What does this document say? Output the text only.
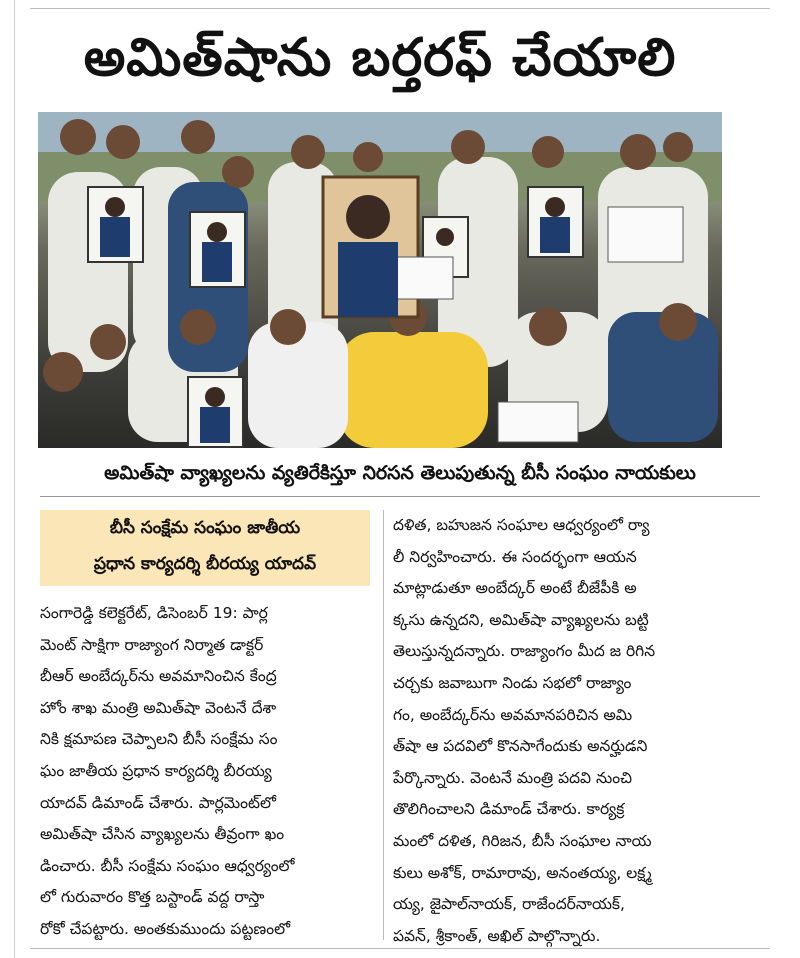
అమిత్‌షాను బర్తరఫ్ చేయాలి
అమిత్‌షా వ్యాఖ్యలను వ్యతిరేకిస్తూ నిరసన తెలుపుతున్న బీసీ సంఘం నాయకులు
బీసీ సంక్షేమ సంఘం జాతీయ
ప్రధాన కార్యదర్శి బీరయ్య యాదవ్
సంగారెడ్డి కలెక్టరేట్, డిసెంబర్ 19: పార్ల
మెంట్ సాక్షిగా రాజ్యాంగ నిర్మాత డాక్టర్
బీఆర్ అంబేద్కర్‌ను అవమానించిన కేంద్ర
హోం శాఖ మంత్రి అమిత్‌షా వెంటనే దేశా
నికి క్షమాపణ చెప్పాలని బీసీ సంక్షేమ సం
ఘం జాతీయ ప్రధాన కార్యదర్శి బీరయ్య
యాదవ్ డిమాండ్ చేశారు. పార్లమెంట్‌లో
అమిత్‌షా చేసిన వ్యాఖ్యలను తీవ్రంగా ఖం
డించారు. బీసీ సంక్షేమ సంఘం ఆధ్వర్యంలో
లో గురువారం కొత్త బస్టాండ్ వద్ద రాస్తా
రోకో చేపట్టారు. అంతకుముందు పట్టణంలో
దళిత, బహుజన సంఘాల ఆధ్వర్యంలో ర్యా
లీ నిర్వహించారు. ఈ సందర్భంగా ఆయన
మాట్లాడుతూ అంబేద్కర్ అంటే బీజేపీకి అ
క్కసు ఉన్నదని, అమిత్‌షా వ్యాఖ్యలను బట్టి
తెలుస్తున్నదన్నారు. రాజ్యాంగం మీద జ రిగిన
చర్చకు జవాబుగా నిండు సభలో రాజ్యాం
గం, అంబేద్కర్‌ను అవమానపరిచిన అమి
త్‌షా ఆ పదవిలో కొనసాగేందుకు అనర్హుడని
పేర్కొన్నారు. వెంటనే మంత్రి పదవి నుంచి
తొలిగించాలని డిమాండ్ చేశారు. కార్యక్ర
మంలో దళిత, గిరిజన, బీసీ సంఘాల నాయ
కులు అశోక్, రామారావు, అనంతయ్య, లక్ష్మ
య్య, జైపాల్‌నాయక్, రాజేందర్‌నాయక్,
పవన్, శ్రీకాంత్, అఖిల్ పాల్గొన్నారు.
